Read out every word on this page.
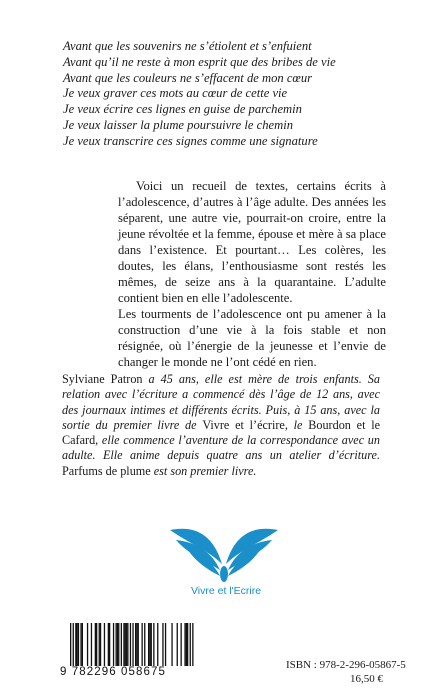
Avant que les souvenirs ne s’étiolent et s’enfuient
Avant qu’il ne reste à mon esprit que des bribes de vie
Avant que les couleurs ne s’effacent de mon cœur
Je veux graver ces mots au cœur de cette vie
Je veux écrire ces lignes en guise de parchemin
Je veux laisser la plume poursuivre le chemin
Je veux transcrire ces signes comme une signature

Voici un recueil de textes, certains écrits à l’adolescence, d’autres à l’âge adulte. Des années les séparent, une autre vie, pourrait-on croire, entre la jeune révoltée et la femme, épouse et mère à sa place dans l’existence. Et pourtant… Les colères, les doutes, les élans, l’enthousiasme sont restés les mêmes, de seize ans à la quarantaine. L’adulte contient bien en elle l’adolescente.

Les tourments de l’adolescence ont pu amener à la construction d’une vie à la fois stable et non résignée, où l’énergie de la jeunesse et l’envie de changer le monde ne l’ont cédé en rien.

Sylviane Patron a 45 ans, elle est mère de trois enfants. Sa relation avec l’écriture a commencé dès l’âge de 12 ans, avec des journaux intimes et différents écrits. Puis, à 15 ans, avec la sortie du premier livre de Vivre et l’écrire, le Bourdon et le Cafard, elle commence l’aventure de la correspondance avec un adulte. Elle anime depuis quatre ans un atelier d’écriture. Parfums de plume est son premier livre.
Vivre et l'Ecrire
9 782296 058675
ISBN : 978-2-296-05867-5
16,50 €
